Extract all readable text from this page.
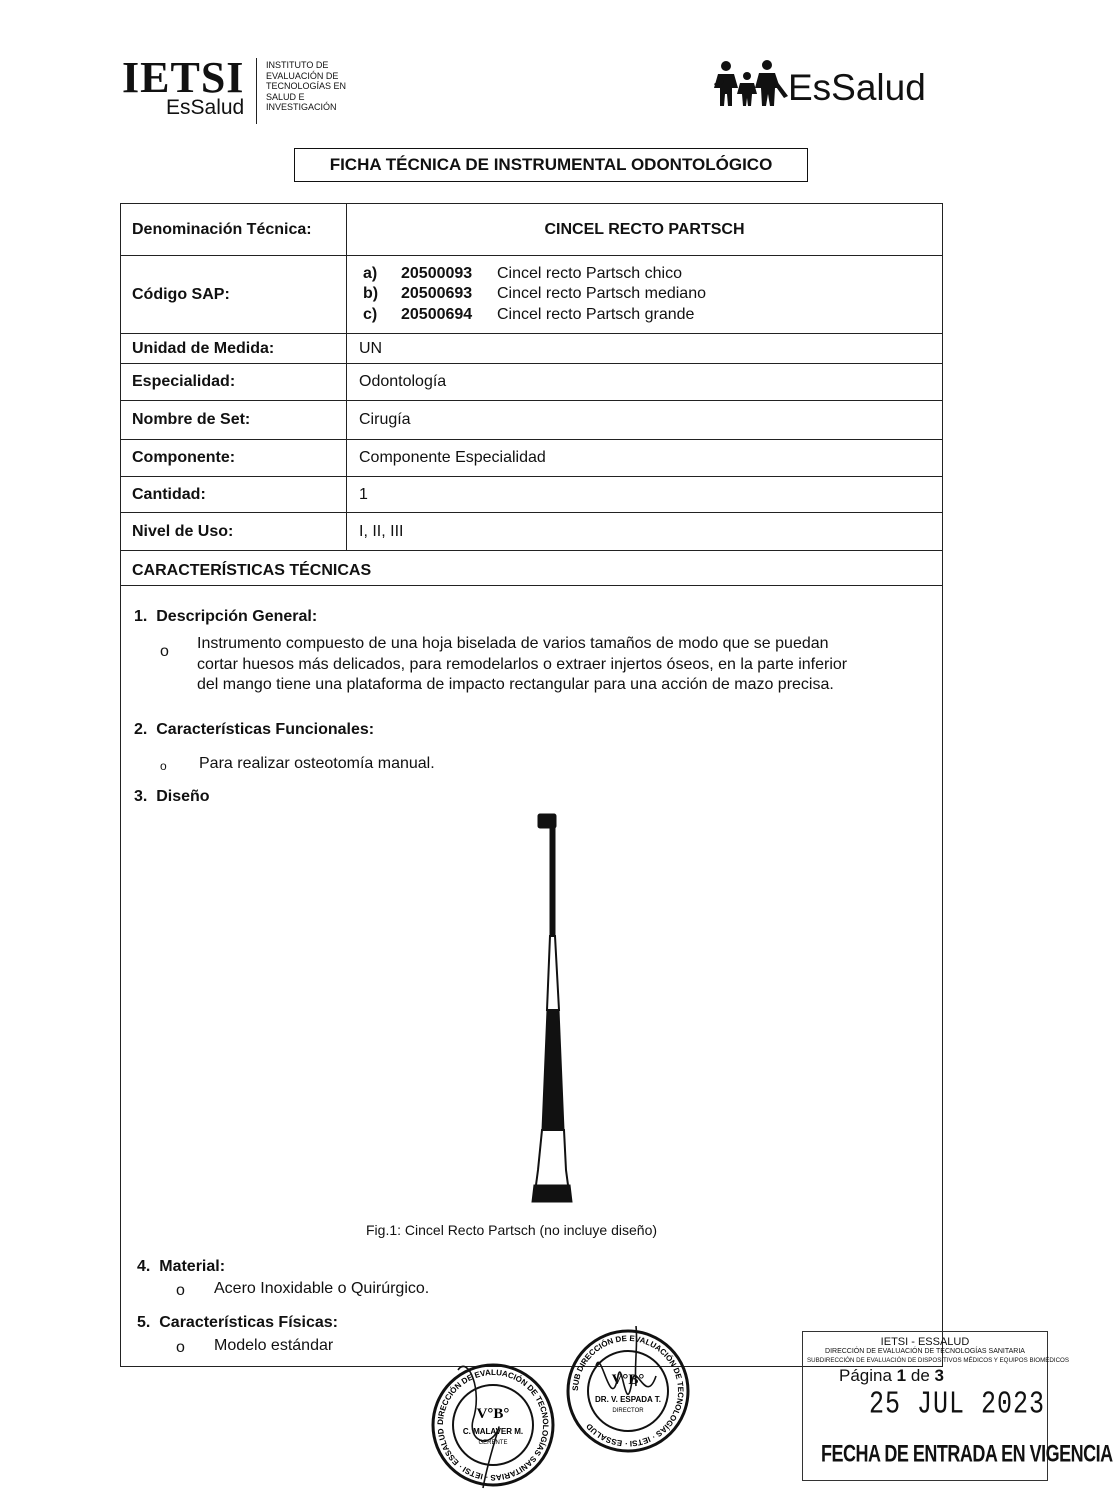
IETSI
EsSalud
INSTITUTO DE
EVALUACIÓN DE
TECNOLOGÍAS EN
SALUD E
INVESTIGACIÓN	EsSalud
FICHA TÉCNICA DE INSTRUMENTAL ODONTOLÓGICO
Denominación Técnica:	CINCEL RECTO PARTSCH
Código SAP:
a) 20500093 Cincel recto Partsch chico
b) 20500693 Cincel recto Partsch mediano
c) 20500694 Cincel recto Partsch grande
Unidad de Medida:	UN
Especialidad:	Odontología
Nombre de Set:	Cirugía
Componente:	Componente Especialidad
Cantidad:	1
Nivel de Uso:	I, II, III
CARACTERÍSTICAS TÉCNICAS
1. Descripción General:
o Instrumento compuesto de una hoja biselada de varios tamaños de modo que se puedan
cortar huesos más delicados, para remodelarlos o extraer injertos óseos, en la parte inferior
del mango tiene una plataforma de impacto rectangular para una acción de mazo precisa.
2. Características Funcionales:
o Para realizar osteotomía manual.
3. Diseño
Fig.1: Cincel Recto Partsch (no incluye diseño)
4. Material:
o Acero Inoxidable o Quirúrgico.
5. Características Físicas:
o Modelo estándar
DIRECCIÓN DE EVALUACIÓN DE TECNOLOGÍAS SANITARIAS · IETSI · ESSALUD
V°B°
C. MALAVER M.
GERENTE
SUB DIRECCIÓN DE EVALUACIÓN DE TECNOLOGÍAS · IETSI · ESSALUD
V°B°
DR. V. ESPADA T.
DIRECTOR
IETSI - ESSALUD
DIRECCIÓN DE EVALUACIÓN DE TECNOLOGÍAS SANITARIA
SUBDIRECCIÓN DE EVALUACIÓN DE DISPOSITIVOS MÉDICOS Y EQUIPOS BIOMÉDICOS
Página 1 de 3
25 JUL 2023
FECHA DE ENTRADA EN VIGENCIA
